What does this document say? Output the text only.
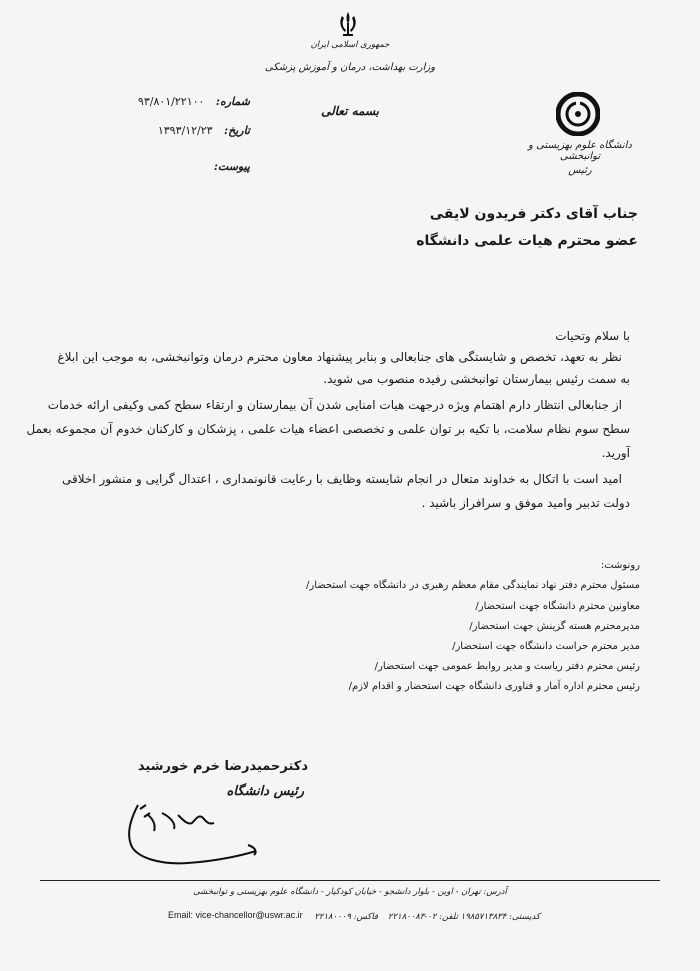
جمهوری اسلامی ایران
وزارت بهداشت، درمان و آموزش پزشکی
بسمه تعالی
شماره: ۹۳/۸۰۱/۲۲۱۰۰
تاریخ: ۱۳۹۳/۱۲/۲۳
پیوست:
دانشگاه علوم بهزیستی و توانبخشی
رئیس
جناب آقای دکتر فریدون لایقی
عضو محترم هیات علمی دانشگاه
با سلام وتحیات
نظر به تعهد، تخصص و شایستگی های جنابعالی و بنابر پیشنهاد معاون محترم درمان وتوانبخشی، به موجب این ابلاغ
به سمت رئیس بیمارستان توانبخشی رفیده منصوب می شوید.
از جنابعالی انتظار دارم اهتمام ویژه درجهت هیات امنایی شدن آن بیمارستان و ارتقاء سطح کمی وکیفی ارائه خدمات
سطح سوم نظام سلامت، با تکیه بر توان علمی و تخصصی اعضاء هیات علمی ، پزشکان و کارکنان خدوم آن مجموعه بعمل
آورید.
امید است با اتکال به خداوند متعال در انجام شایسته وظایف با رعایت قانونمداری ، اعتدال گرایی و منشور اخلاقی
دولت تدبیر وامید موفق و سرافراز باشید .
رونوشت:
مسئول محترم دفتر نهاد نمایندگی مقام معظم رهبری در دانشگاه جهت استحضار/
معاونین محترم دانشگاه جهت استحضار/
مدیرمحترم هسته گزینش جهت استحضار/
مدیر محترم حراست دانشگاه جهت استحضار/
رئیس محترم دفتر ریاست و مدیر روابط عمومی جهت استحضار/
رئیس محترم اداره آمار و فناوری دانشگاه جهت استحضار و اقدام لازم/
دکترحمیدرضا خرم خورشید
رئیس دانشگاه
آدرس: تهران - اوین - بلوار دانشجو - خیابان کودکیار - دانشگاه علوم بهزیستی و توانبخشی
کدپستی: ۱۹۸۵۷۱۳۸۳۴ تلفن: ۰۲-۲۲۱۸۰۰۸۳
فاکس: ۲۲۱۸۰۰۰۹
Email: vice-chancellor@uswr.ac.ir
